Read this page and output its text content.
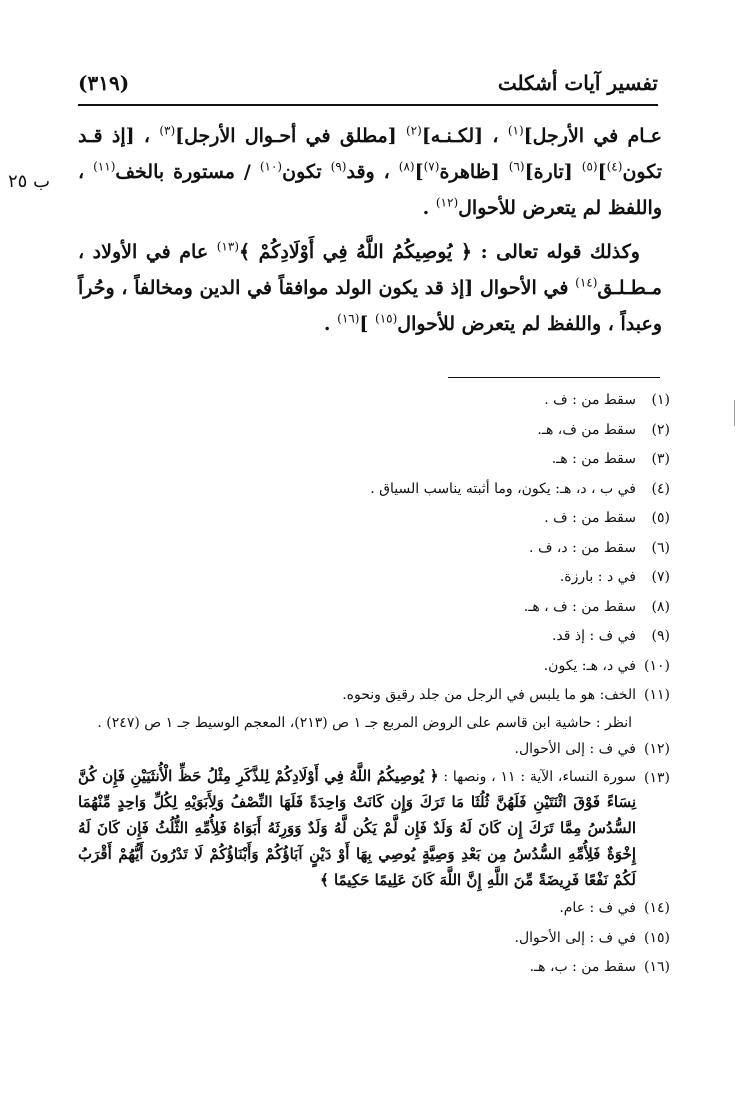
(٣١٩)	تفسير آيات أشكلت
ب ٢٥

عـام في الأرجل]$^{(١)}$ ، [لكـنـه]$^{(٢)}$ [مطلق في أحـوال الأرجل]$^{(٣)}$ ، [إذ قـد تكون$^{(٤)}$]$^{(٥)}$ [تارة]$^{(٦)}$ [ظاهرة$^{(٧)}$]$^{(٨)}$ ، وقد$^{(٩)}$ تكون$^{(١٠)}$ / مستورة بالخف$^{(١١)}$ ، واللفظ لم يتعرض للأحوال$^{(١٢)}$ .

وكذلك قوله تعالى : ﴿ يُوصِيكُمُ اللَّهُ فِي أَوْلَادِكُمْ ﴾$^{(١٣)}$ عام في الأولاد ، مـطـلـق$^{(١٤)}$ في الأحوال [إذ قد يكون الولد موافقاً في الدين ومخالفاً ، وحُراً وعبداً ، واللفظ لم يتعرض للأحوال$^{(١٥)}$ ]$^{(١٦)}$ .

(١)
سقط من : ف .
(٢)
سقط من ف، هـ.
(٣)
سقط من : هـ.
(٤)
في ب ، د، هـ: يكون، وما أثبته يناسب السياق .
(٥)
سقط من : ف .
(٦)
سقط من : د، ف .
(٧)
في د : بارزة.
(٨)
سقط من : ف ، هـ.
(٩)
في ف : إذ قد.
(١٠)
في د، هـ: يكون.
(١١)
الخف: هو ما يلبس في الرجل من جلد رقيق ونحوه.
انظر : حاشية ابن قاسم على الروض المربع جـ ١ ص (٢١٣)، المعجم الوسيط جـ ١ ص (٢٤٧) .
(١٢)
في ف : إلى الأحوال.
(١٣)
سورة النساء، الآية : ١١ ، ونصها : ﴿ يُوصِيكُمُ اللَّهُ فِي أَوْلَادِكُمْ لِلذَّكَرِ مِثْلُ حَظِّ الْأُنثَيَيْنِ فَإِن كُنَّ نِسَاءً فَوْقَ اثْنَتَيْنِ فَلَهُنَّ ثُلُثَا مَا تَرَكَ وَإِن كَانَتْ وَاحِدَةً فَلَهَا النِّصْفُ وَلِأَبَوَيْهِ لِكُلِّ وَاحِدٍ مِّنْهُمَا السُّدُسُ مِمَّا تَرَكَ إِن كَانَ لَهُ وَلَدٌ فَإِن لَّمْ يَكُن لَّهُ وَلَدٌ وَوَرِثَهُ أَبَوَاهُ فَلِأُمِّهِ الثُّلُثُ فَإِن كَانَ لَهُ إِخْوَةٌ فَلِأُمِّهِ السُّدُسُ مِن بَعْدِ وَصِيَّةٍ يُوصِي بِهَا أَوْ دَيْنٍ آبَاؤُكُمْ وَأَبْنَاؤُكُمْ لَا تَدْرُونَ أَيُّهُمْ أَقْرَبُ لَكُمْ نَفْعًا فَرِيضَةً مِّنَ اللَّهِ إِنَّ اللَّهَ كَانَ عَلِيمًا حَكِيمًا ﴾
(١٤)
في ف : عام.
(١٥)
في ف : إلى الأحوال.
(١٦)
سقط من : ب، هـ.
